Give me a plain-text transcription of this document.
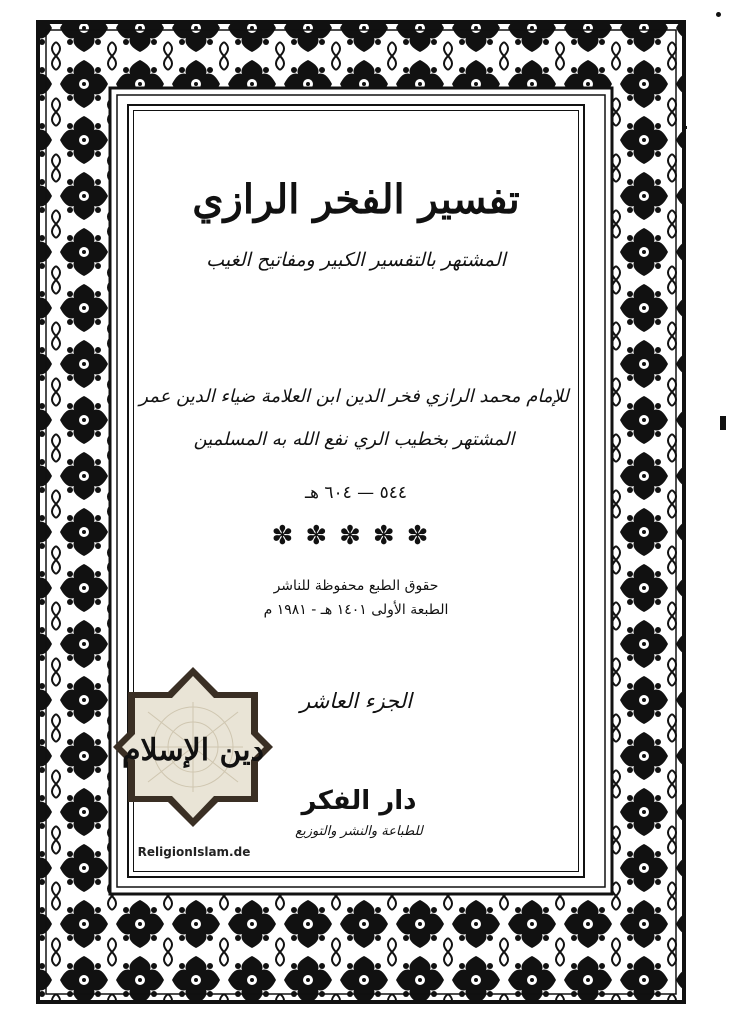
تفسير الفخر الرازي
المشتهر بالتفسير الكبير ومفاتيح الغيب
للإمام محمد الرازي فخر الدين ابن العلامة ضياء الدين عمر
المشتهر بخطيب الري نفع الله به المسلمين
٥٤٤ — ٦٠٤ هـ
✽✽✽✽✽
حقوق الطبع محفوظة للناشر
الطبعة الأولى ١٤٠١ هـ - ١٩٨١ م
الجزء العاشر
دار الفكر
للطباعة والنشر والتوزيع
دين الإسلام
ReligionIslam.de
